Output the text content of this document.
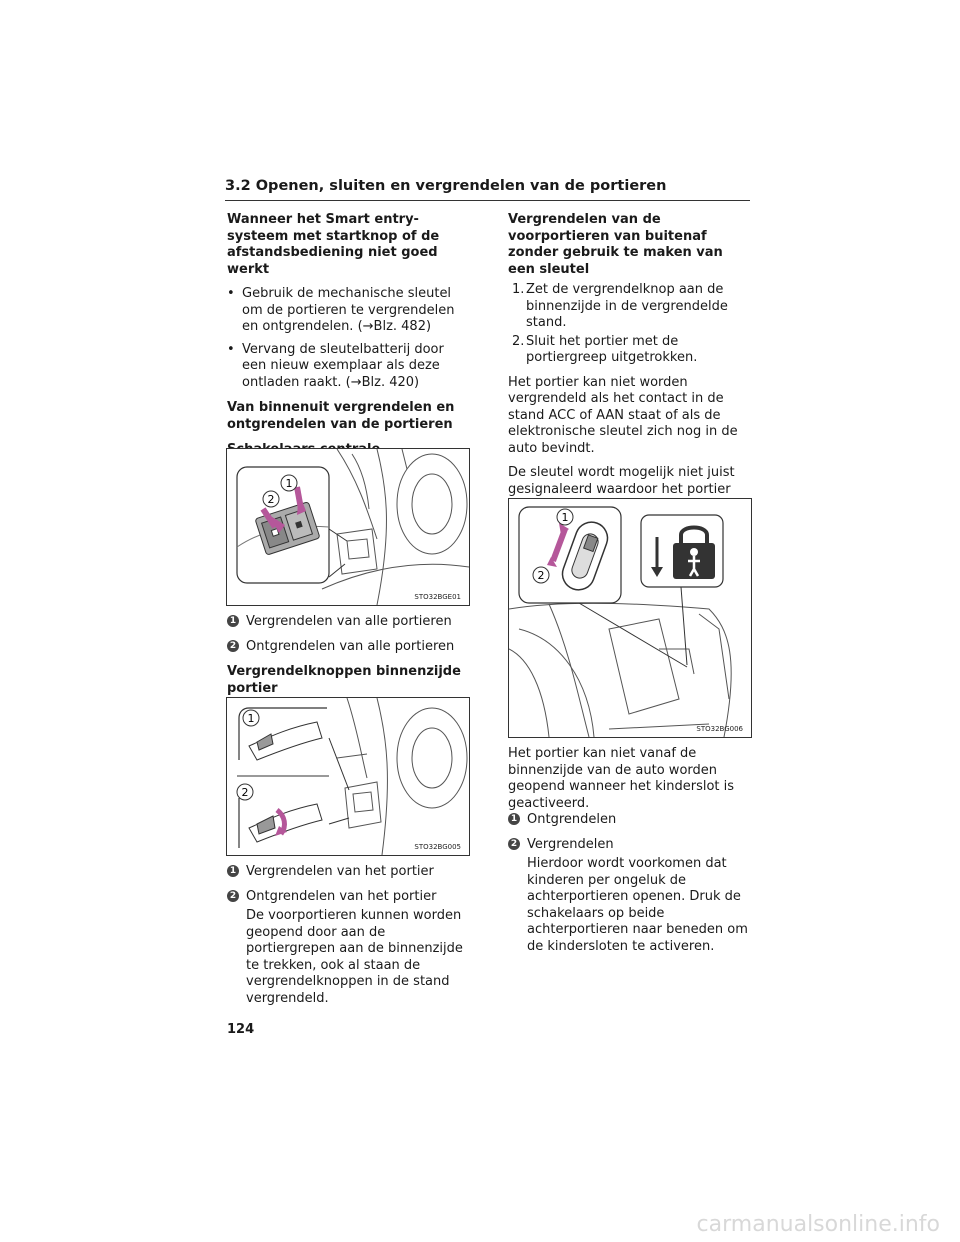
3.2 Openen, sluiten en vergrendelen van de portieren

Wanneer het Smart entry-systeem met startknop of de afstandsbediening niet goed werkt

• Gebruik de mechanische sleutel om de portieren te vergrendelen en ontgrendelen. (→Blz. 482)

• Vervang de sleutelbatterij door een nieuw exemplaar als deze ontladen raakt. (→Blz. 420)

Van binnenuit vergrendelen en ontgrendelen van de portieren

1
2
STO32BGE01

1 Vergrendelen van alle portieren

2 Ontgrendelen van alle portieren

Vergrendelknoppen binnenzijde portier

1
2
STO32BG005

1 Vergrendelen van het portier

2 Ontgrendelen van het portier

De voorportieren kunnen worden geopend door aan de portiergrepen aan de binnenzijde te trekken, ook al staan de vergrendelknoppen in de stand vergrendeld.

Vergrendelen van de voorportieren van buitenaf zonder gebruik te maken van een sleutel

1. Zet de vergrendelknop aan de binnenzijde in de vergrendelde stand.

2. Sluit het portier met de portiergreep uitgetrokken.

Het portier kan niet worden vergrendeld als het contact in de stand ACC of AAN staat of als de elektronische sleutel zich nog in de auto bevindt.

De sleutel wordt mogelijk niet juist gesignaleerd waardoor het portier

1
2
STO32BG006

Het portier kan niet vanaf de binnenzijde van de auto worden geopend wanneer het kinderslot is geactiveerd.

1 Ontgrendelen

2 Vergrendelen

Hierdoor wordt voorkomen dat kinderen per ongeluk de achterportieren openen. Druk de schakelaars op beide achterportieren naar beneden om de kindersloten te activeren.

124
carmanualsonline.info
